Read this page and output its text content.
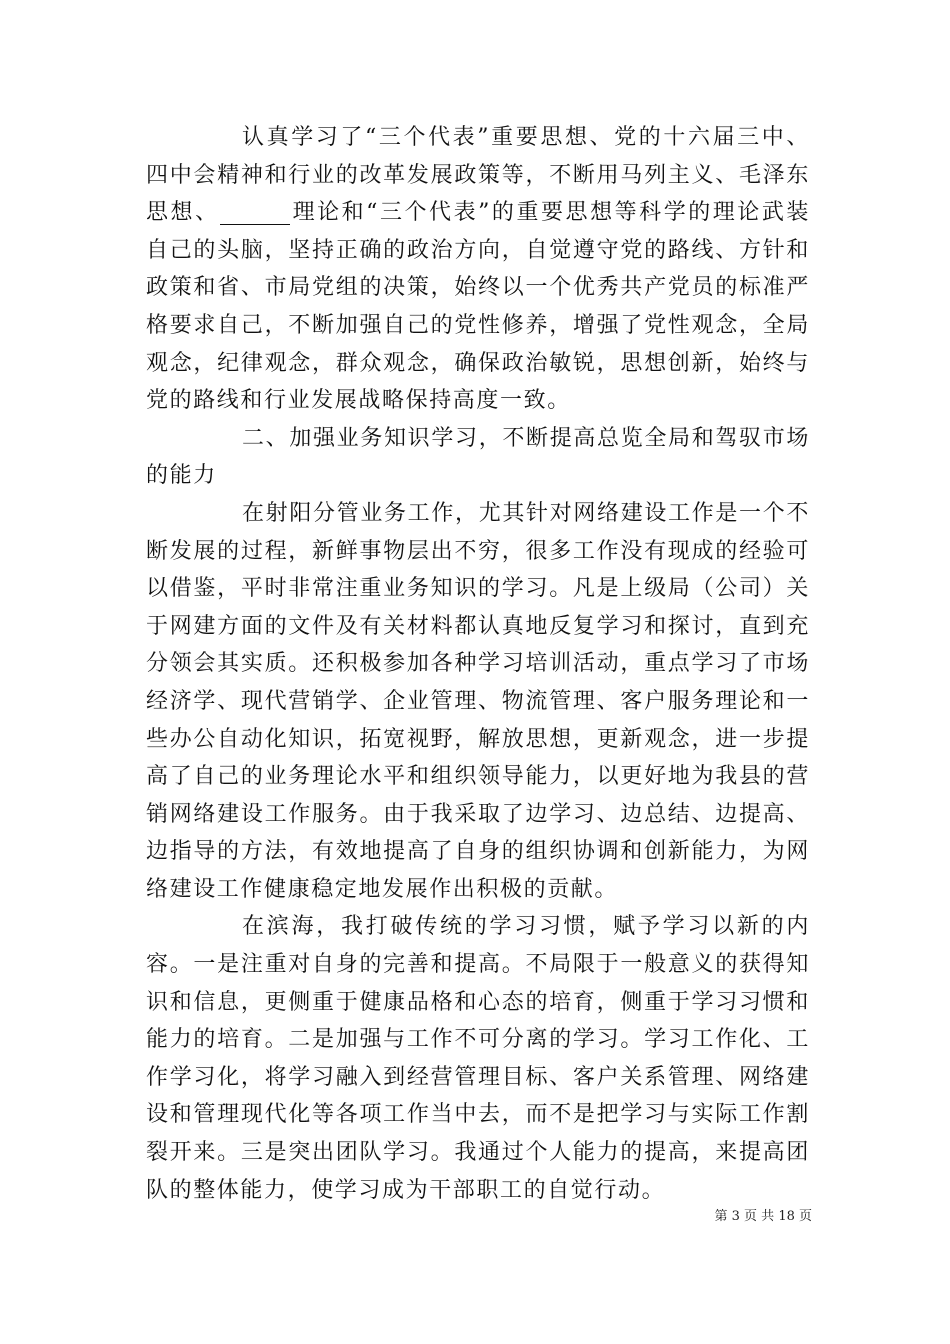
认真学习了“三个代表”重要思想、党的十六届三中、四中会精神和行业的改革发展政策等，不断用马列主义、毛泽东思想、	理论和“三个代表”的重要思想等科学的理论武装自己的头脑，坚持正确的政治方向，自觉遵守党的路线、方针和政策和省、市局党组的决策，始终以一个优秀共产党员的标准严格要求自己，不断加强自己的党性修养，增强了党性观念，全局观念，纪律观念，群众观念，确保政治敏锐，思想创新，始终与党的路线和行业发展战略保持高度一致。

二、加强业务知识学习，不断提高总览全局和驾驭市场的能力

在射阳分管业务工作，尤其针对网络建设工作是一个不断发展的过程，新鲜事物层出不穷，很多工作没有现成的经验可以借鉴，平时非常注重业务知识的学习。凡是上级局（公司）关于网建方面的文件及有关材料都认真地反复学习和探讨，直到充分领会其实质。还积极参加各种学习培训活动，重点学习了市场经济学、现代营销学、企业管理、物流管理、客户服务理论和一些办公自动化知识，拓宽视野，解放思想，更新观念，进一步提高了自己的业务理论水平和组织领导能力，以更好地为我县的营销网络建设工作服务。由于我采取了边学习、边总结、边提高、边指导的方法，有效地提高了自身的组织协调和创新能力，为网络建设工作健康稳定地发展作出积极的贡献。

在滨海，我打破传统的学习习惯，赋予学习以新的内容。一是注重对自身的完善和提高。不局限于一般意义的获得知识和信息，更侧重于健康品格和心态的培育，侧重于学习习惯和能力的培育。二是加强与工作不可分离的学习。学习工作化、工作学习化，将学习融入到经营管理目标、客户关系管理、网络建设和管理现代化等各项工作当中去，而不是把学习与实际工作割裂开来。三是突出团队学习。我通过个人能力的提高，来提高团队的整体能力，使学习成为干部职工的自觉行动。

第 3 页 共 18 页
